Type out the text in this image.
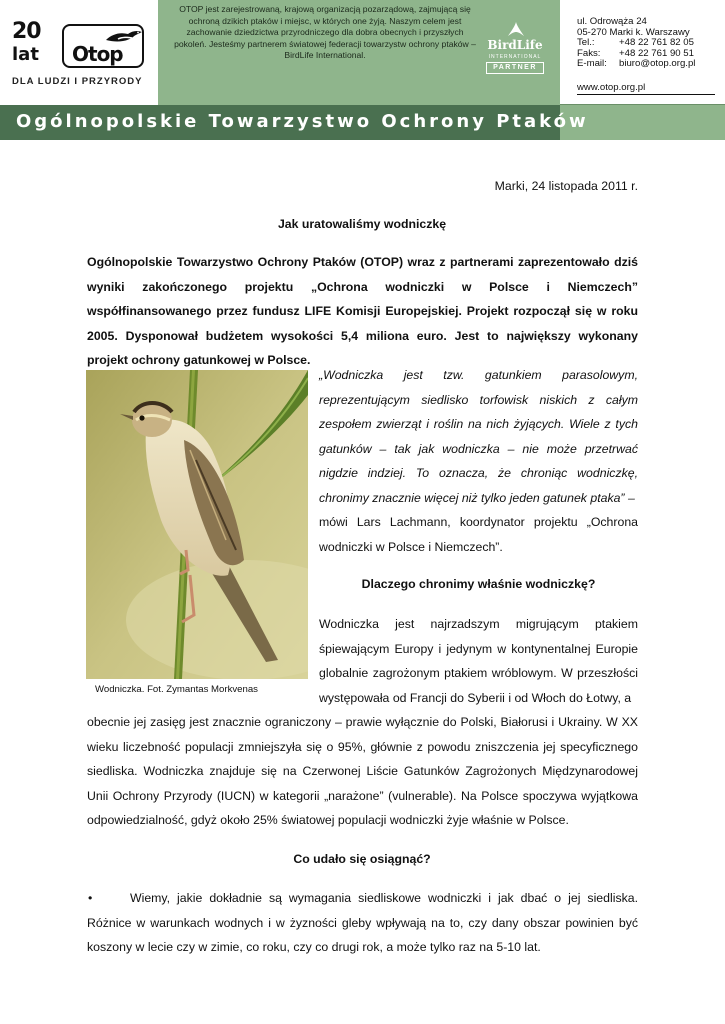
20
lat Otop
DLA LUDZI I PRZYRODY
OTOP jest zarejestrowaną, krajową organizacją pozarządową, zajmującą się ochroną dzikich ptaków i miejsc, w których one żyją. Naszym celem jest zachowanie dziedzictwa przyrodniczego dla dobra obecnych i przyszłych pokoleń. Jesteśmy partnerem światowej federacji towarzystw ochrony ptaków – BirdLife International.
BirdLife
INTERNATIONAL
PARTNER
ul. Odrowąża 24
05-270 Marki k. Warszawy
Tel.:	+48 22 761 82 05
Faks:	+48 22 761 90 51
E-mail:	biuro@otop.org.pl
www.otop.org.pl
Ogólnopolskie Towarzystwo Ochrony Ptaków
Marki, 24 listopada 2011 r.
Jak uratowaliśmy wodniczkę
Ogólnopolskie Towarzystwo Ochrony Ptaków (OTOP) wraz z partnerami zaprezentowało dziś wyniki zakończonego projektu „Ochrona wodniczki w Polsce i Niemczech” współfinansowanego przez fundusz LIFE Komisji Europejskiej. Projekt rozpoczął się w roku 2005. Dysponował budżetem wysokości 5,4 miliona euro. Jest to największy wykonany projekt ochrony gatunkowej w Polsce.
Wodniczka. Fot. Zymantas Morkvenas
„Wodniczka jest tzw. gatunkiem parasolowym, reprezentującym siedlisko torfowisk niskich z całym zespołem zwierząt i roślin na nich żyjących. Wiele z tych gatunków – tak jak wodniczka – nie może przetrwać nigdzie indziej. To oznacza, że chroniąc wodniczkę, chronimy znacznie więcej niż tylko jeden gatunek ptaka” –
mówi Lars Lachmann, koordynator projektu „Ochrona wodniczki w Polsce i Niemczech”.
Dlaczego chronimy właśnie wodniczkę?
Wodniczka jest najrzadszym migrującym ptakiem śpiewającym Europy i jedynym w kontynentalnej Europie globalnie zagrożonym ptakiem wróblowym. W przeszłości występowała od Francji do Syberii i od Włoch do Łotwy, a
obecnie jej zasięg jest znacznie ograniczony – prawie wyłącznie do Polski, Białorusi i Ukrainy. W XX wieku liczebność populacji zmniejszyła się o 95%, głównie z powodu zniszczenia jej specyficznego siedliska. Wodniczka znajduje się na Czerwonej Liście Gatunków Zagrożonych Międzynarodowej Unii Ochrony Przyrody (IUCN) w kategorii „narażone” (vulnerable). Na Polsce spoczywa wyjątkowa odpowiedzialność, gdyż około 25% światowej populacji wodniczki żyje właśnie w Polsce.
Co udało się osiągnąć?
•	Wiemy, jakie dokładnie są wymagania siedliskowe wodniczki i jak dbać o jej siedliska. Różnice w warunkach wodnych i w żyzności gleby wpływają na to, czy dany obszar powinien być koszony w lecie czy w zimie, co roku, czy co drugi rok, a może tylko raz na 5-10 lat.
